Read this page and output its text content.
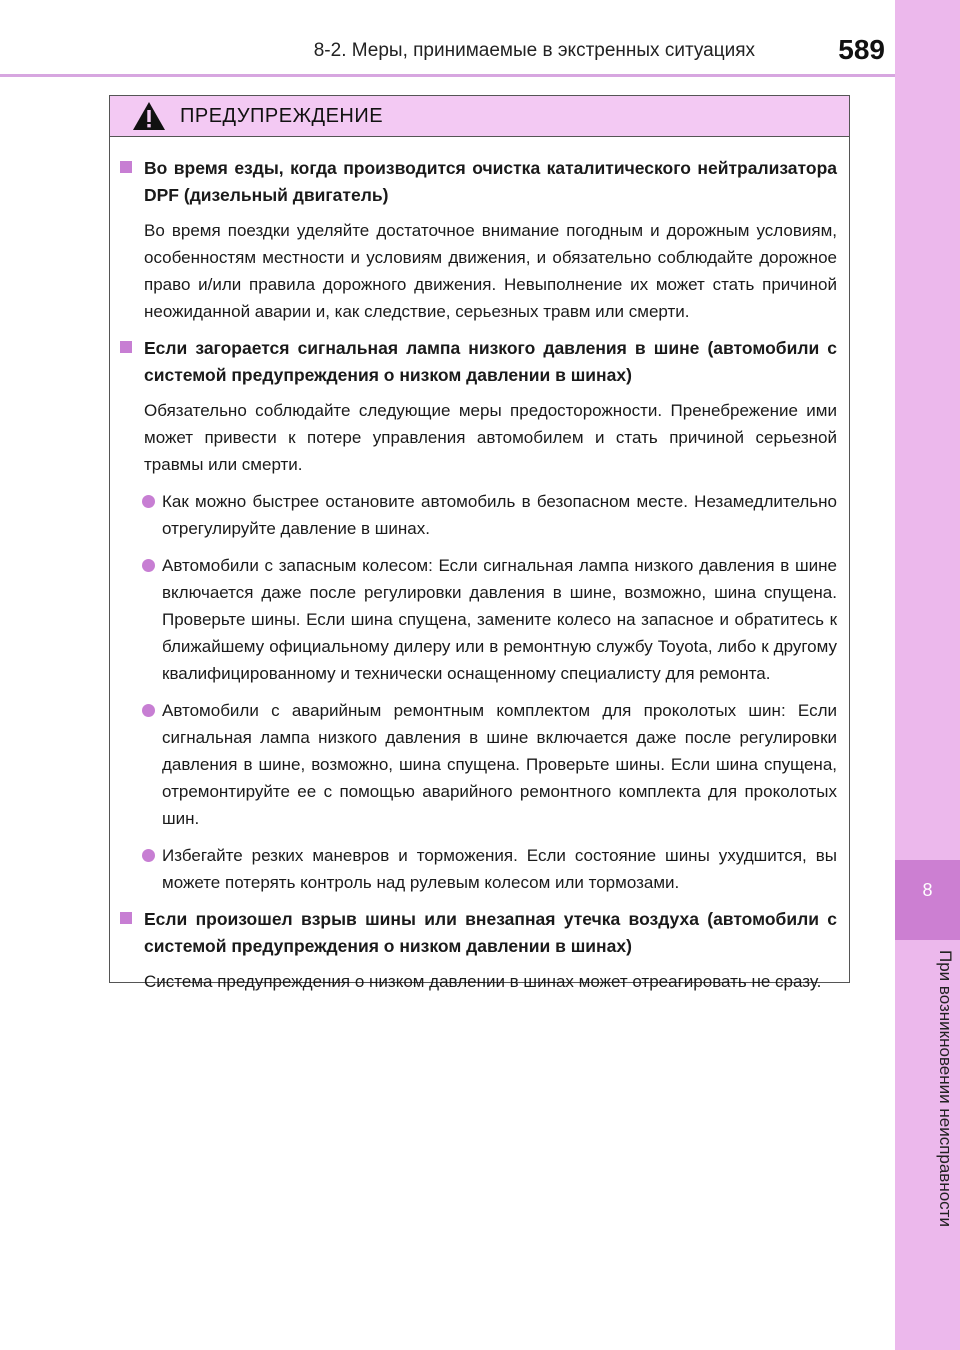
8-2. Меры, принимаемые в экстренных ситуациях	589
8
При возникновении неисправности
ПРЕДУПРЕЖДЕНИЕ
Во время езды, когда производится очистка каталитического нейтрализатора DPF (дизельный двигатель)
Во время поездки уделяйте достаточное внимание погодным и дорожным условиям, особенностям местности и условиям движения, и обязательно соблюдайте дорожное право и/или правила дорожного движения. Невыполнение их может стать причиной неожиданной аварии и, как следствие, серьезных травм или смерти.
Если загорается сигнальная лампа низкого давления в шине (автомобили с системой предупреждения о низком давлении в шинах)
Обязательно соблюдайте следующие меры предосторожности. Пренебрежение ими может привести к потере управления автомобилем и стать причиной серьезной травмы или смерти.
Как можно быстрее остановите автомобиль в безопасном месте. Незамедлительно отрегулируйте давление в шинах.
Автомобили с запасным колесом: Если сигнальная лампа низкого давления в шине включается даже после регулировки давления в шине, возможно, шина спущена. Проверьте шины. Если шина спущена, замените колесо на запасное и обратитесь к ближайшему официальному дилеру или в ремонтную службу Toyota, либо к другому квалифицированному и технически оснащенному специалисту для ремонта.
Автомобили с аварийным ремонтным комплектом для проколотых шин: Если сигнальная лампа низкого давления в шине включается даже после регулировки давления в шине, возможно, шина спущена. Проверьте шины. Если шина спущена, отремонтируйте ее с помощью аварийного ремонтного комплекта для проколотых шин.
Избегайте резких маневров и торможения. Если состояние шины ухудшится, вы можете потерять контроль над рулевым колесом или тормозами.
Если произошел взрыв шины или внезапная утечка воздуха (автомобили с системой предупреждения о низком давлении в шинах)
Система предупреждения о низком давлении в шинах может отреагировать не сразу.
